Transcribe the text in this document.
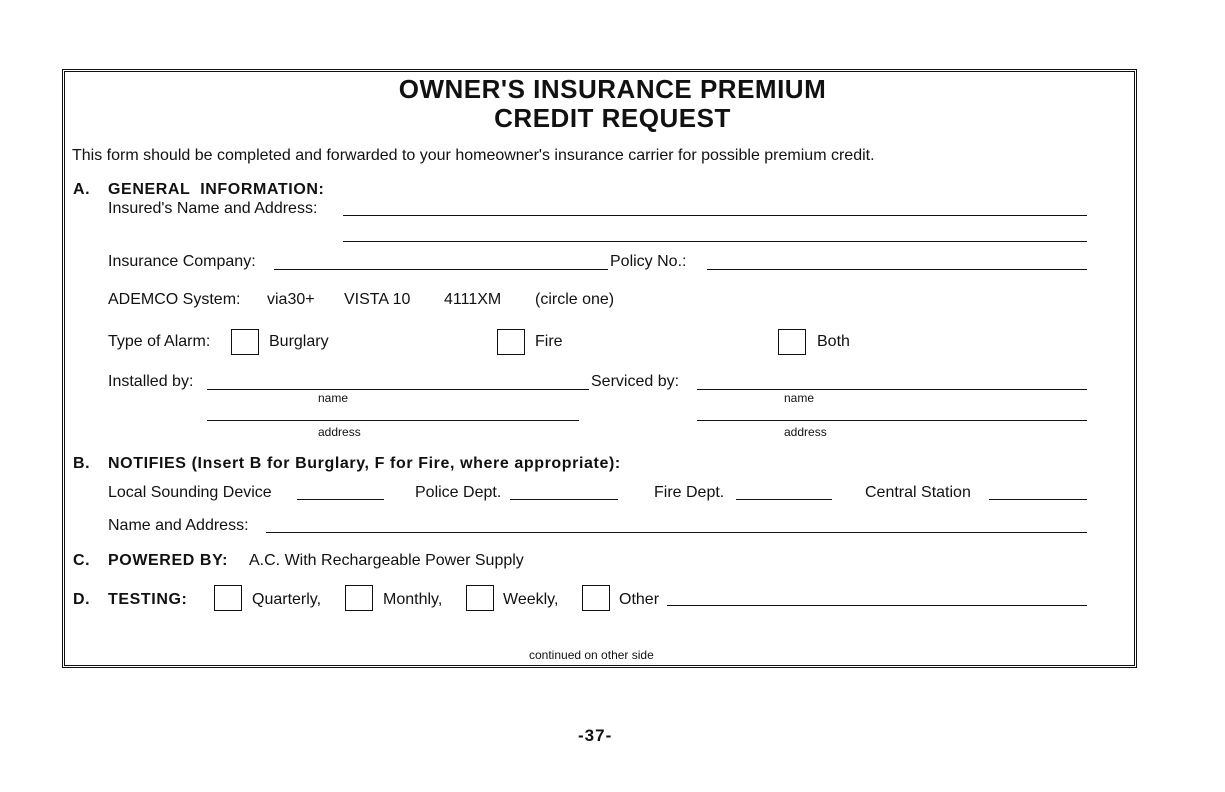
OWNER'S INSURANCE PREMIUM
CREDIT REQUEST
This form should be completed and forwarded to your homeowner's insurance carrier for possible premium credit.
A. GENERAL  INFORMATION:
Insured's Name and Address:
Insurance Company:	Policy No.:
ADEMCO System: via30+ VISTA 10 4111XM (circle one)
Type of Alarm:	Burglary	Fire	Both
Installed by:
name
address
Serviced by:
name
address
B. NOTIFIES (Insert B for Burglary, F for Fire, where appropriate):
Local Sounding Device	Police Dept.	Fire Dept.	Central Station
Name and Address:
C. POWERED BY: A.C. With Rechargeable Power Supply
D. TESTING:	Quarterly,	Monthly,	Weekly,	Other
continued on other side
-37-
